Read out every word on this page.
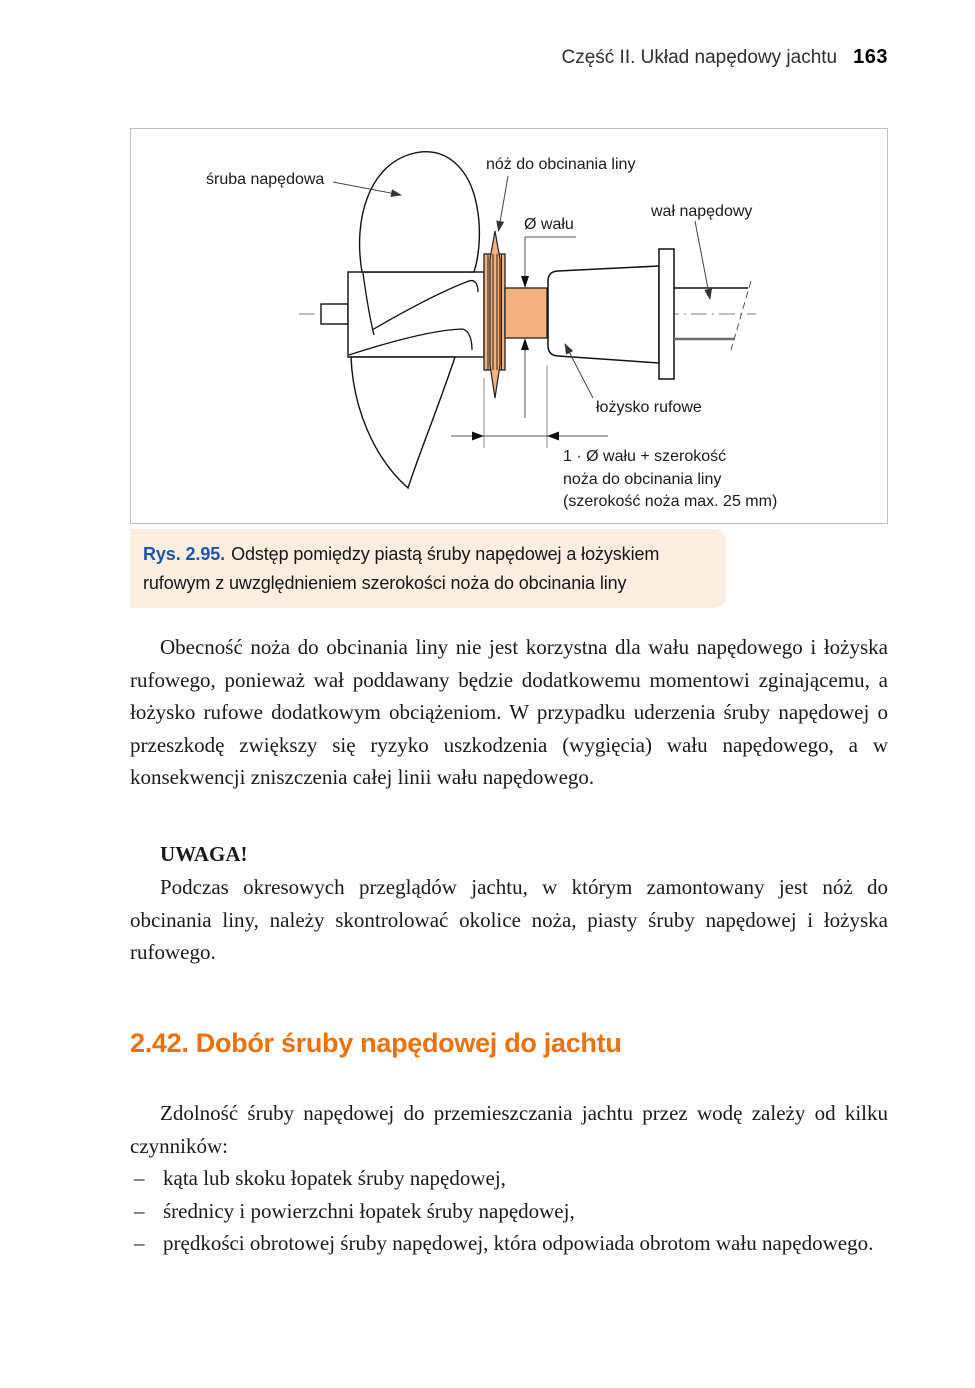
Część II. Układ napędowy jachtu 163
śruba napędowa
nóż do obcinania liny
Ø wału
wał napędowy
łożysko rufowe
1 · Ø wału + szerokość
noża do obcinania liny
(szerokość noża max. 25 mm)
Rys. 2.95. Odstęp pomiędzy piastą śruby napędowej a łożyskiem rufowym z uwzględnieniem szerokości noża do obcinania liny
Obecność noża do obcinania liny nie jest korzystna dla wału napędowego i łożyska rufowego, ponieważ wał poddawany będzie dodatkowemu momentowi zginającemu, a łożysko rufowe dodatkowym obciążeniom. W przypadku uderzenia śruby napędowej o przeszkodę zwiększy się ryzyko uszkodzenia (wygięcia) wału napędowego, a w konsekwencji zniszczenia całej linii wału napędowego.
UWAGA!
Podczas okresowych przeglądów jachtu, w którym zamontowany jest nóż do obcinania liny, należy skontrolować okolice noża, piasty śruby napędowej i łożyska rufowego.
2.42. Dobór śruby napędowej do jachtu
Zdolność śruby napędowej do przemieszczania jachtu przez wodę zależy od kilku czynników:
– kąta lub skoku łopatek śruby napędowej,
– średnicy i powierzchni łopatek śruby napędowej,
– prędkości obrotowej śruby napędowej, która odpowiada obrotom wału napędowego.
